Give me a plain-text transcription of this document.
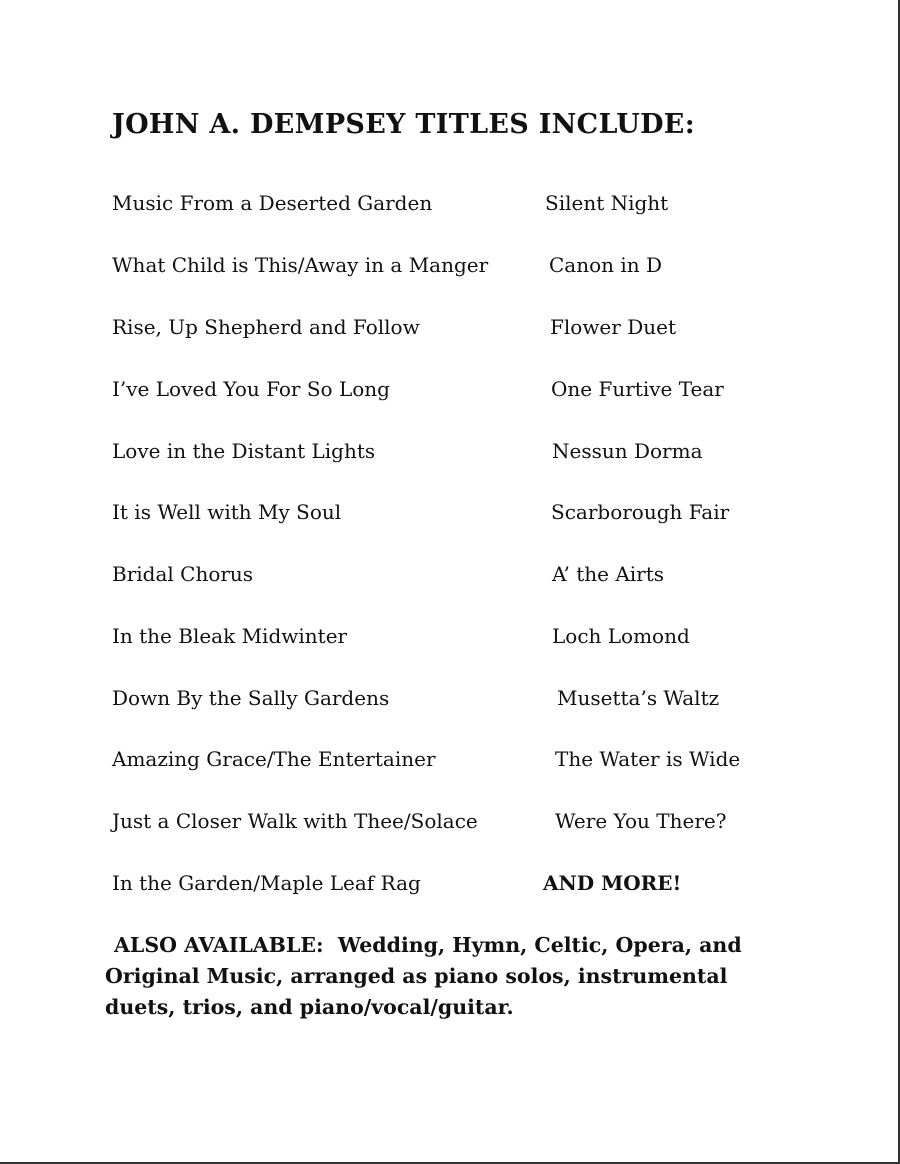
JOHN A. DEMPSEY TITLES INCLUDE:
Music From a Deserted Garden	Silent Night
What Child is This/Away in a Manger	Canon in D
Rise, Up Shepherd and Follow	Flower Duet
I’ve Loved You For So Long	One Furtive Tear
Love in the Distant Lights	Nessun Dorma
It is Well with My Soul	Scarborough Fair
Bridal Chorus	A’ the Airts
In the Bleak Midwinter	Loch Lomond
Down By the Sally Gardens	Musetta’s Waltz
Amazing Grace/The Entertainer	The Water is Wide
Just a Closer Walk with Thee/Solace	Were You There?
In the Garden/Maple Leaf Rag	AND MORE!

ALSO AVAILABLE: Wedding, Hymn, Celtic, Opera, and
Original Music, arranged as piano solos, instrumental
duets, trios, and piano/vocal/guitar.
